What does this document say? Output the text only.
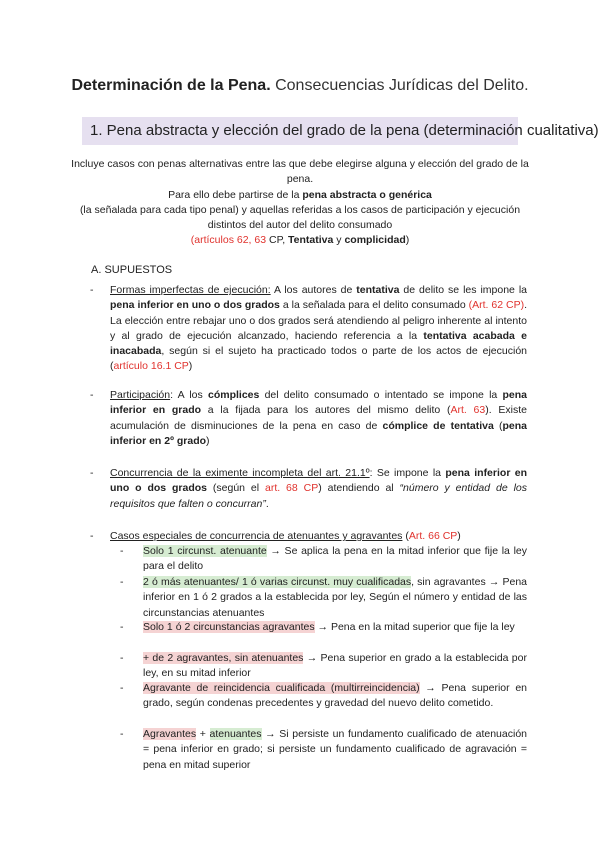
Determinación de la Pena. Consecuencias Jurídicas del Delito.
1. Pena abstracta y elección del grado de la pena (determinación cualitativa)
Incluye casos con penas alternativas entre las que debe elegirse alguna y elección del grado de la pena.
Para ello debe partirse de la pena abstracta o genérica
(la señalada para cada tipo penal) y aquellas referidas a los casos de participación y ejecución distintos del autor del delito consumado
(artículos 62, 63 CP, Tentativa y complicidad)
A. SUPUESTOS
- Formas imperfectas de ejecución: A los autores de tentativa de delito se les impone la pena inferior en uno o dos grados a la señalada para el delito consumado (Art. 62 CP). La elección entre rebajar uno o dos grados será atendiendo al peligro inherente al intento y al grado de ejecución alcanzado, haciendo referencia a la tentativa acabada e inacabada, según si el sujeto ha practicado todos o parte de los actos de ejecución (artículo 16.1 CP)
- Participación: A los cómplices del delito consumado o intentado se impone la pena inferior en grado a la fijada para los autores del mismo delito (Art. 63). Existe acumulación de disminuciones de la pena en caso de cómplice de tentativa (pena inferior en 2º grado)
- Concurrencia de la eximente incompleta del art. 21.1º: Se impone la pena inferior en uno o dos grados (según el art. 68 CP) atendiendo al “número y entidad de los requisitos que falten o concurran”.
- Casos especiales de concurrencia de atenuantes y agravantes (Art. 66 CP)
- Solo 1 circunst. atenuante → Se aplica la pena en la mitad inferior que fije la ley para el delito
- 2 ó más atenuantes/ 1 ó varias circunst. muy cualificadas, sin agravantes → Pena inferior en 1 ó 2 grados a la establecida por ley, Según el número y entidad de las circunstancias atenuantes
- Solo 1 ó 2 circunstancias agravantes → Pena en la mitad superior que fije la ley
- + de 2 agravantes, sin atenuantes → Pena superior en grado a la establecida por ley, en su mitad inferior
- Agravante de reincidencia cualificada (multirreincidencia) → Pena superior en grado, según condenas precedentes y gravedad del nuevo delito cometido.
- Agravantes + atenuantes → Si persiste un fundamento cualificado de atenuación = pena inferior en grado; si persiste un fundamento cualificado de agravación = pena en mitad superior
